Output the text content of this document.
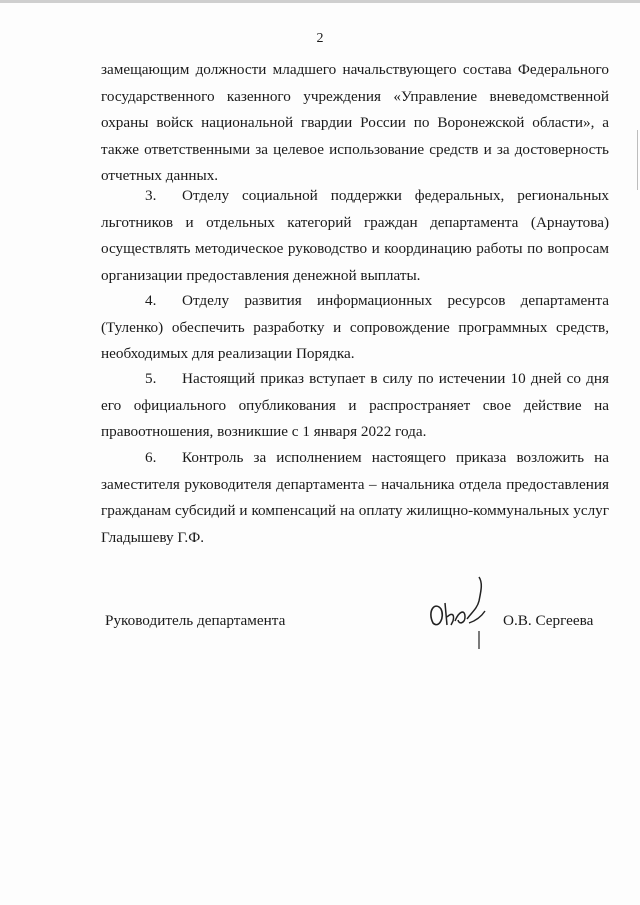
2
замещающим должности младшего начальствующего состава Федерального
государственного казенного учреждения «Управление вневедомственной
охраны войск национальной гвардии России по Воронежской области», а
также ответственными за целевое использование средств и за достоверность
отчетных данных.
3. Отделу социальной поддержки федеральных, региональных льготников и отдельных категорий граждан департамента (Арнаутова) осуществлять методическое руководство и координацию работы по вопросам организации предоставления денежной выплаты.
4. Отделу развития информационных ресурсов департамента (Туленко) обеспечить разработку и сопровождение программных средств, необходимых для реализации Порядка.
5. Настоящий приказ вступает в силу по истечении 10 дней со дня его официального опубликования и распространяет свое действие на правоотношения, возникшие с 1 января 2022 года.
6. Контроль за исполнением настоящего приказа возложить на заместителя руководителя департамента – начальника отдела предоставления гражданам субсидий и компенсаций на оплату жилищно-коммунальных услуг Гладышеву Г.Ф.
Руководитель департамента	О.В. Сергеева
